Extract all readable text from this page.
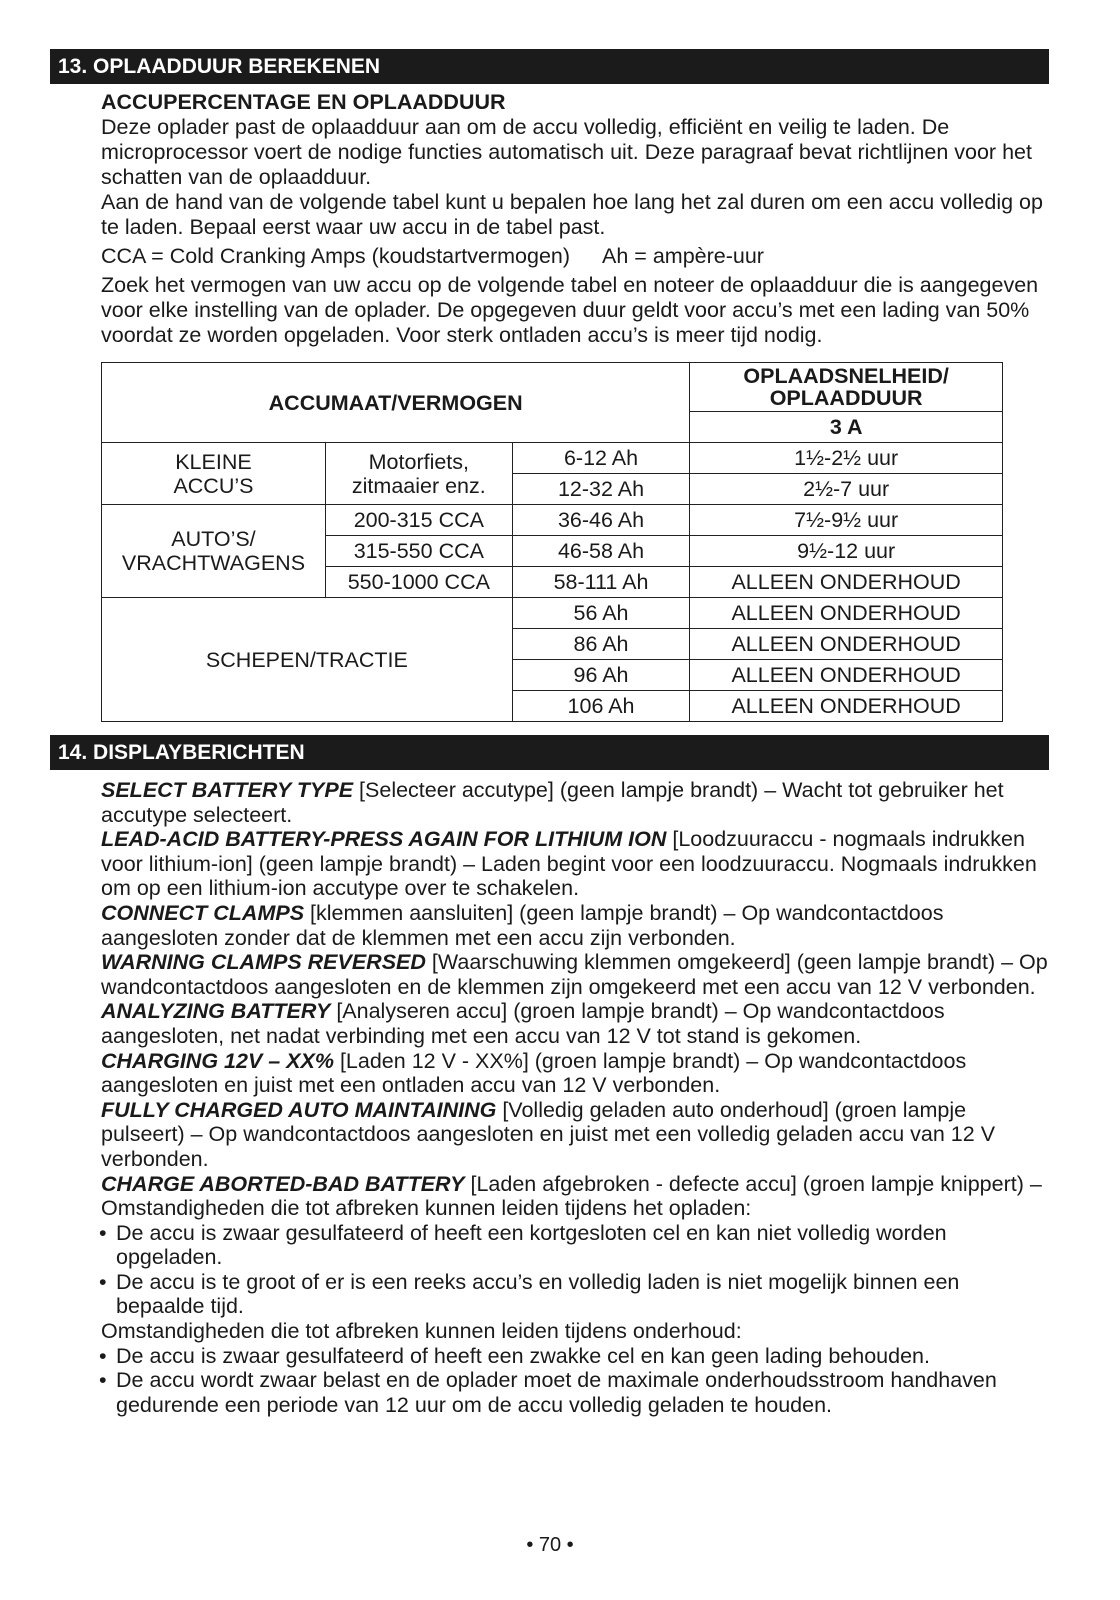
13. OPLAADDUUR BEREKENEN

ACCUPERCENTAGE EN OPLAADDUUR

Deze oplader past de oplaadduur aan om de accu volledig, efficiënt en veilig te laden. De microprocessor voert de nodige functies automatisch uit. Deze paragraaf bevat richtlijnen voor het schatten van de oplaadduur.

Aan de hand van de volgende tabel kunt u bepalen hoe lang het zal duren om een accu volledig op te laden. Bepaal eerst waar uw accu in de tabel past.

CCA = Cold Cranking Amps (koudstartvermogen) Ah = ampère-uur

Zoek het vermogen van uw accu op de volgende tabel en noteer de oplaadduur die is aangegeven voor elke instelling van de oplader. De opgegeven duur geldt voor accu’s met een lading van 50% voordat ze worden opgeladen. Voor sterk ontladen accu’s is meer tijd nodig.

ACCUMAAT/VERMOGEN			OPLAADSNELHEID/ OPLAADDUUR
			3 A
KLEINE ACCU’S	Motorfiets, zitmaaier enz.	6-12 Ah	1½-2½ uur
		12-32 Ah	2½-7 uur
AUTO’S/ VRACHTWAGENS	200-315 CCA	36-46 Ah	7½-9½ uur
	315-550 CCA	46-58 Ah	9½-12 uur
	550-1000 CCA	58-111 Ah	ALLEEN ONDERHOUD
SCHEPEN/TRACTIE		56 Ah	ALLEEN ONDERHOUD
		86 Ah	ALLEEN ONDERHOUD
		96 Ah	ALLEEN ONDERHOUD
		106 Ah	ALLEEN ONDERHOUD
14. DISPLAYBERICHTEN

SELECT BATTERY TYPE [Selecteer accutype] (geen lampje brandt) – Wacht tot gebruiker het accutype selecteert.

LEAD-ACID BATTERY-PRESS AGAIN FOR LITHIUM ION [Loodzuuraccu - nogmaals indrukken voor lithium-ion] (geen lampje brandt) – Laden begint voor een loodzuuraccu. Nogmaals indrukken om op een lithium-ion accutype over te schakelen.

CONNECT CLAMPS [klemmen aansluiten] (geen lampje brandt) – Op wandcontactdoos aangesloten zonder dat de klemmen met een accu zijn verbonden.

WARNING CLAMPS REVERSED [Waarschuwing klemmen omgekeerd] (geen lampje brandt) – Op wandcontactdoos aangesloten en de klemmen zijn omgekeerd met een accu van 12 V verbonden.

ANALYZING BATTERY [Analyseren accu] (groen lampje brandt) – Op wandcontactdoos aangesloten, net nadat verbinding met een accu van 12 V tot stand is gekomen.

CHARGING 12V – XX% [Laden 12 V - XX%] (groen lampje brandt) – Op wandcontactdoos aangesloten en juist met een ontladen accu van 12 V verbonden.

FULLY CHARGED AUTO MAINTAINING [Volledig geladen auto onderhoud] (groen lampje pulseert) – Op wandcontactdoos aangesloten en juist met een volledig geladen accu van 12 V verbonden.

CHARGE ABORTED-BAD BATTERY [Laden afgebroken - defecte accu] (groen lampje knippert) – Omstandigheden die tot afbreken kunnen leiden tijdens het opladen:

• De accu is zwaar gesulfateerd of heeft een kortgesloten cel en kan niet volledig worden opgeladen.

• De accu is te groot of er is een reeks accu’s en volledig laden is niet mogelijk binnen een bepaalde tijd.

Omstandigheden die tot afbreken kunnen leiden tijdens onderhoud:

• De accu is zwaar gesulfateerd of heeft een zwakke cel en kan geen lading behouden.

• De accu wordt zwaar belast en de oplader moet de maximale onderhoudsstroom handhaven gedurende een periode van 12 uur om de accu volledig geladen te houden.

• 70 •
